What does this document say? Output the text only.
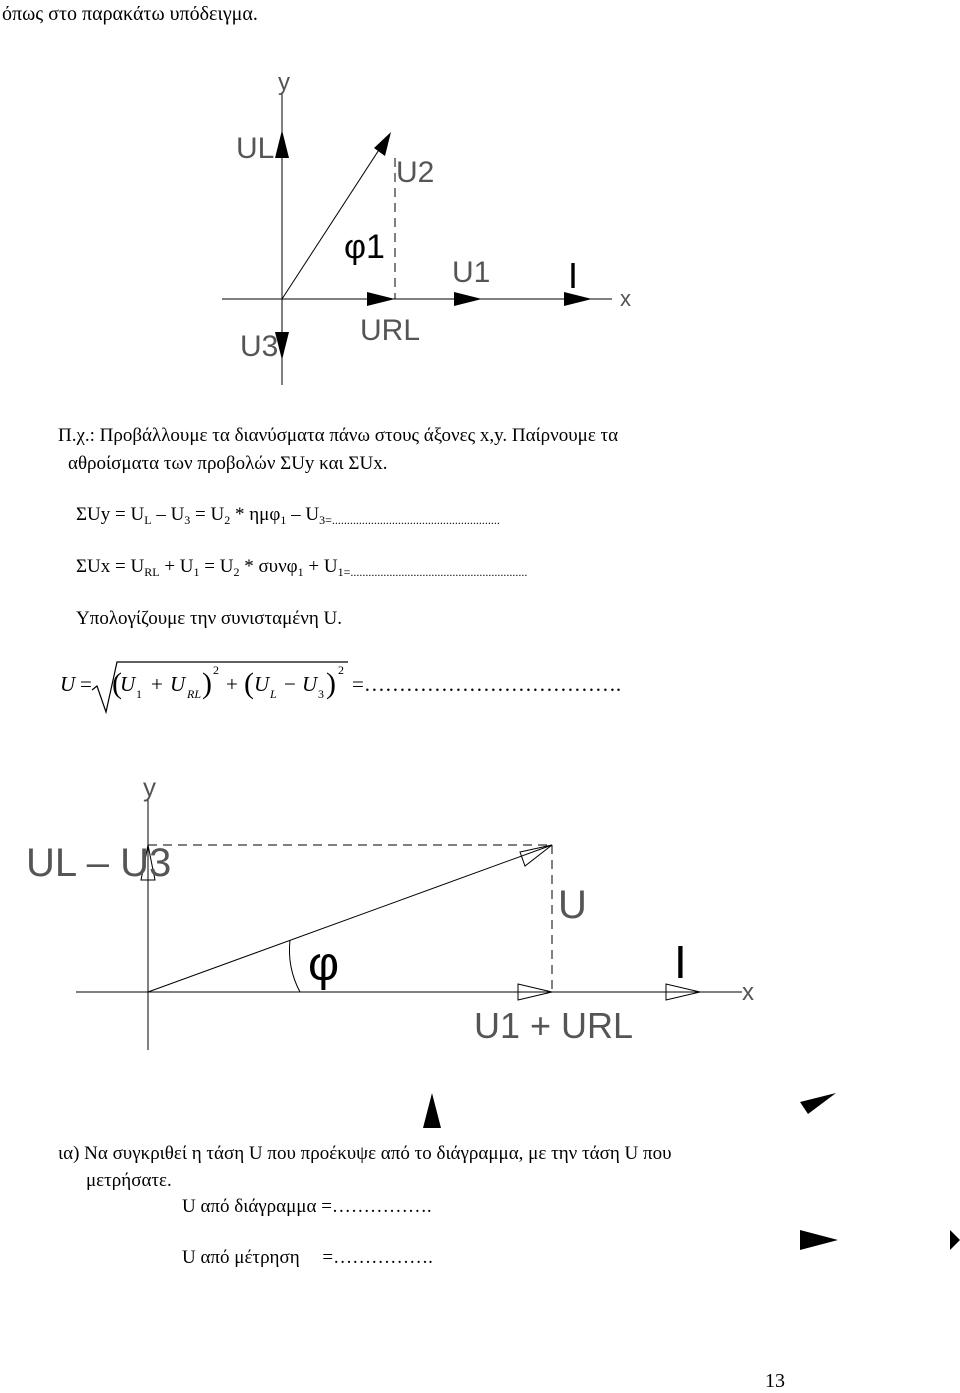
όπως στο παρακάτω υπόδειγμα.
y
x
UL
U2
φ1
U1 I
U3	URL
Π.χ.: Προβάλλουμε τα διανύσματα πάνω στους άξονες x,y. Παίρνουμε τα
αθροίσματα των προβολών ΣUy και ΣUx.
$\Sigma Uy = U_L - U_3 = U_2 * \eta\mu\varphi_1 - U_{3=........................................................}$
$\Sigma Ux = U_{RL} + U_1 = U_2 * \sigma\upsilon\nu\varphi_1 + U_{1=...........................................................}$
Υπολογίζουμε την συνισταμένη U.
U = (
U 1 + U RL ) 2
+ ( U L − U 3 ) 2
=……………………………….
y
x
UL – U3
U
φ	I
U1 + URL
ια) Να συγκριθεί η τάση U που προέκυψε από το διάγραμμα, με την τάση U που
μετρήσατε.
U από διάγραμμα =…………….
U από μέτρηση =…………….
13
